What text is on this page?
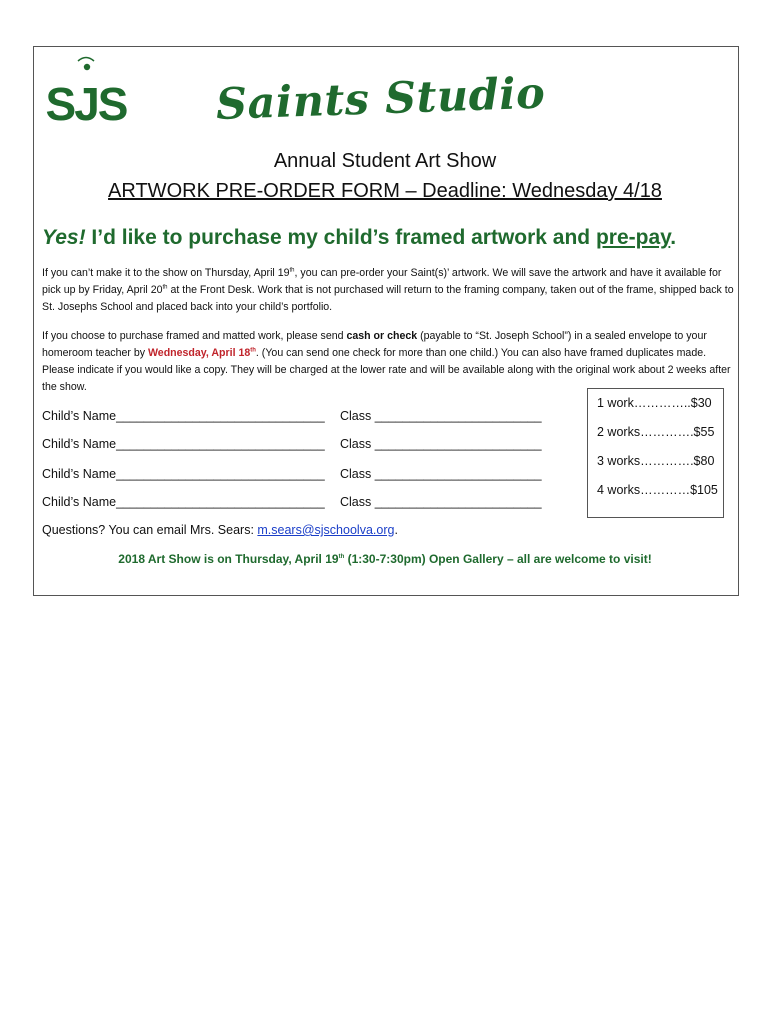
SJS Saints Studio
Annual Student Art Show
ARTWORK PRE-ORDER FORM – Deadline: Wednesday 4/18
Yes! I’d like to purchase my child’s framed artwork and pre-pay.
If you can’t make it to the show on Thursday, April 19th, you can pre-order your Saint(s)’ artwork. We will save the artwork and have it available for pick up by Friday, April 20th at the Front Desk. Work that is not purchased will return to the framing company, taken out of the frame, shipped back to St. Josephs School and placed back into your child’s portfolio.
If you choose to purchase framed and matted work, please send cash or check (payable to “St. Joseph School”) in a sealed envelope to your homeroom teacher by Wednesday, April 18th. (You can send one check for more than one child.) You can also have framed duplicates made. Please indicate if you would like a copy. They will be charged at the lower rate and will be available along with the original work about 2 weeks after the show.
Child’s Name______________________________ Class ________________________
Child’s Name______________________________ Class ________________________
Child’s Name______________________________ Class ________________________
Child’s Name______________________________ Class ________________________
1 work…………..$30
2 works………….$55
3 works………….$80
4 works…………$105
Questions? You can email Mrs. Sears: m.sears@sjschoolva.org.
2018 Art Show is on Thursday, April 19th (1:30-7:30pm) Open Gallery – all are welcome to visit!
